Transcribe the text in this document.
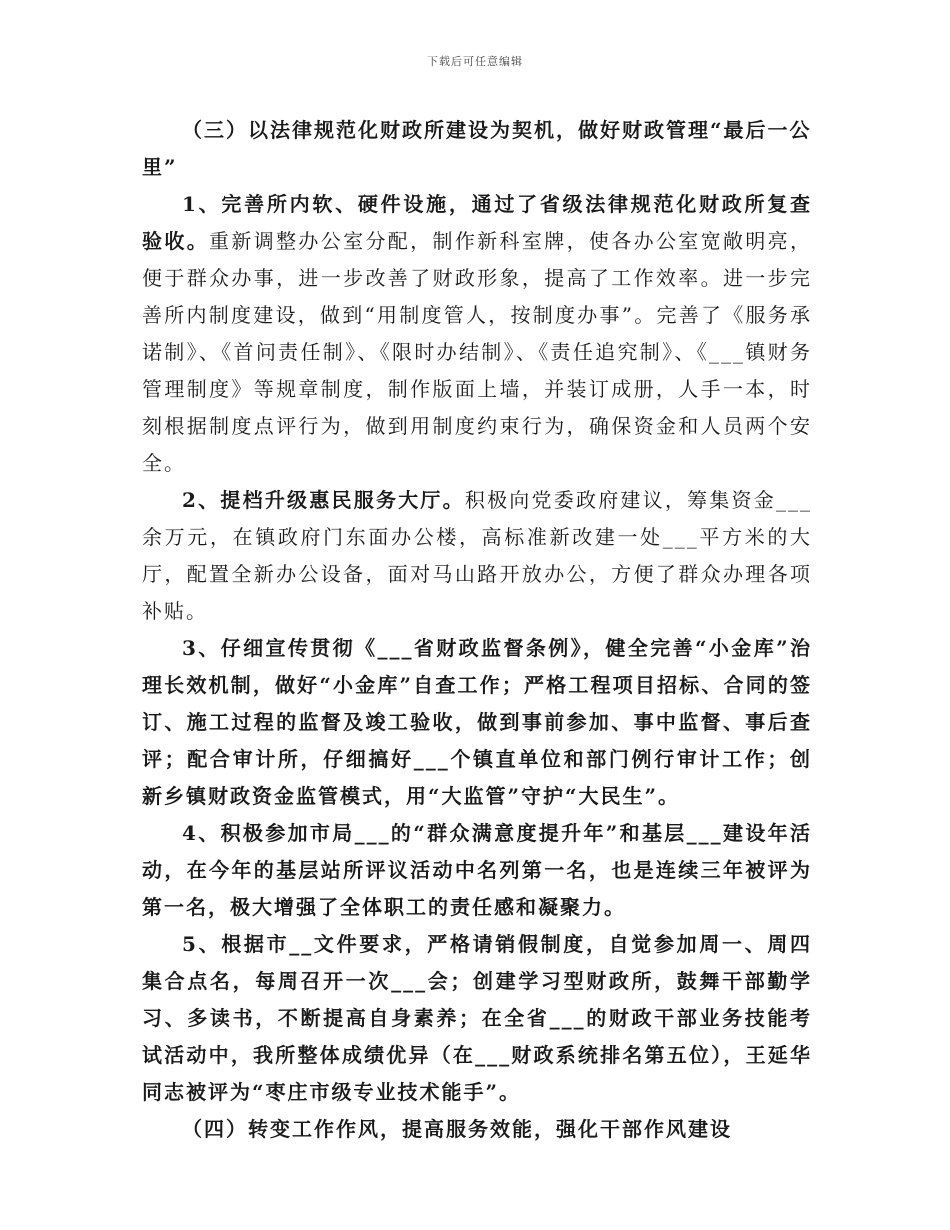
下载后可任意编辑

（三）以法律规范化财政所建设为契机，做好财政管理“最后一公里”

1、完善所内软、硬件设施，通过了省级法律规范化财政所复查验收。重新调整办公室分配，制作新科室牌，使各办公室宽敞明亮，便于群众办事，进一步改善了财政形象，提高了工作效率。进一步完善所内制度建设，做到“用制度管人，按制度办事”。完善了《服务承诺制》、《首问责任制》、《限时办结制》、《责任追究制》、《___镇财务管理制度》等规章制度，制作版面上墙，并装订成册，人手一本，时刻根据制度点评行为，做到用制度约束行为，确保资金和人员两个安全。

2、提档升级惠民服务大厅。积极向党委政府建议，筹集资金___余万元，在镇政府门东面办公楼，高标准新改建一处___平方米的大厅，配置全新办公设备，面对马山路开放办公，方便了群众办理各项补贴。

3、仔细宣传贯彻《___省财政监督条例》，健全完善“小金库”治理长效机制，做好“小金库”自查工作；严格工程项目招标、合同的签订、施工过程的监督及竣工验收，做到事前参加、事中监督、事后查评；配合审计所，仔细搞好___个镇直单位和部门例行审计工作；创新乡镇财政资金监管模式，用“大监管”守护“大民生”。

4、积极参加市局___的“群众满意度提升年”和基层___建设年活动，在今年的基层站所评议活动中名列第一名，也是连续三年被评为第一名，极大增强了全体职工的责任感和凝聚力。

5、根据市__文件要求，严格请销假制度，自觉参加周一、周四集合点名，每周召开一次___会；创建学习型财政所，鼓舞干部勤学习、多读书，不断提高自身素养；在全省___的财政干部业务技能考试活动中，我所整体成绩优异（在___财政系统排名第五位），王延华同志被评为“枣庄市级专业技术能手”。

（四）转变工作作风，提高服务效能，强化干部作风建设
